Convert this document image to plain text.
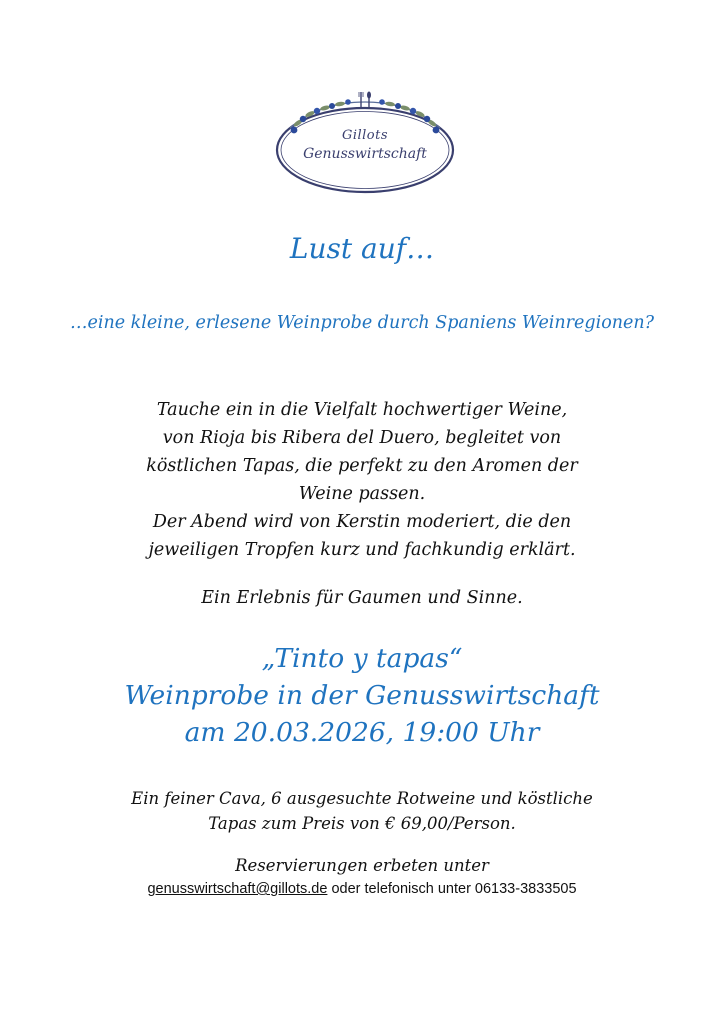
Gillots
Genusswirtschaft

Lust auf…

…eine kleine, erlesene Weinprobe durch Spaniens Weinregionen?

Tauche ein in die Vielfalt hochwertiger Weine,
von Rioja bis Ribera del Duero, begleitet von
köstlichen Tapas, die perfekt zu den Aromen der
Weine passen.
Der Abend wird von Kerstin moderiert, die den
jeweiligen Tropfen kurz und fachkundig erklärt.

Ein Erlebnis für Gaumen und Sinne.

„Tinto y tapas“
Weinprobe in der Genusswirtschaft
am 20.03.2026, 19:00 Uhr
Ein feiner Cava, 6 ausgesuchte Rotweine und köstliche
Tapas zum Preis von € 69,00/Person.

Reservierungen erbeten unter

genusswirtschaft@gillots.de oder telefonisch unter 06133-3833505
